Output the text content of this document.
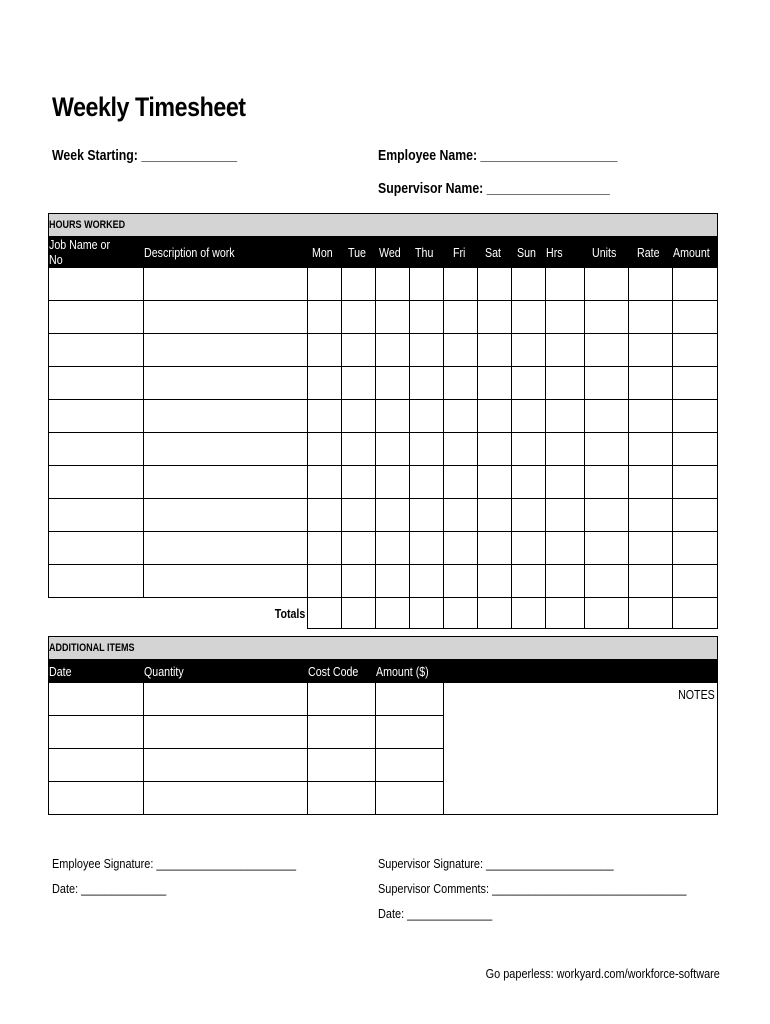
Weekly Timesheet
Week Starting: ______________	Employee Name: ____________________
Supervisor Name: __________________
HOURS WORKED												
Job Name or No	Description of work	Mon	Tue	Wed	Thu	Fri	Sat	Sun	Hrs	Units	Rate	Amount

Totals												
ADDITIONAL ITEMS				
Date	Quantity	Cost Code	Amount ($)	
				NOTES

Employee Signature: _______________________
Date: ______________
Supervisor Signature: _____________________
Supervisor Comments: ________________________________
Date: ______________
Go paperless: workyard.com/workforce-software
